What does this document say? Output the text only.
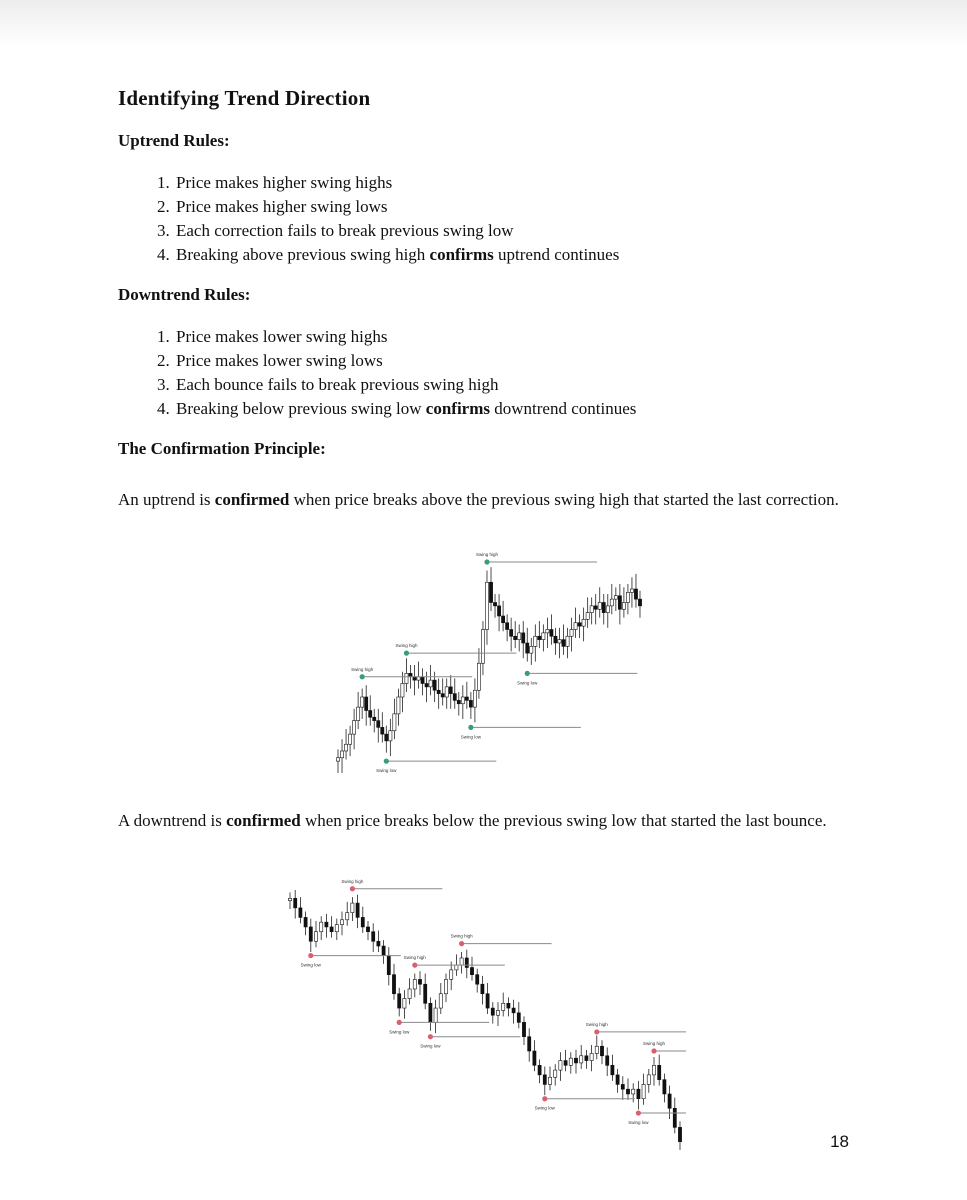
Identifying Trend Direction
Uptrend Rules:
1. Price makes higher swing highs
2. Price makes higher swing lows
3. Each correction fails to break previous swing low
4. Breaking above previous swing high confirms uptrend continues
Downtrend Rules:
1. Price makes lower swing highs
2. Price makes lower swing lows
3. Each bounce fails to break previous swing high
4. Breaking below previous swing low confirms downtrend continues
The Confirmation Principle:

An uptrend is confirmed when price breaks above the previous swing high that started the last correction.

Swing high
Swing low
Swing high
Swing low
Swing high
Swing low

A downtrend is confirmed when price breaks below the previous swing low that started the last bounce.

Swing high
Swing low
Swing high
Swing high
Swing low
Swing low
Swing high
Swing low
Swing high
Swing low
18
